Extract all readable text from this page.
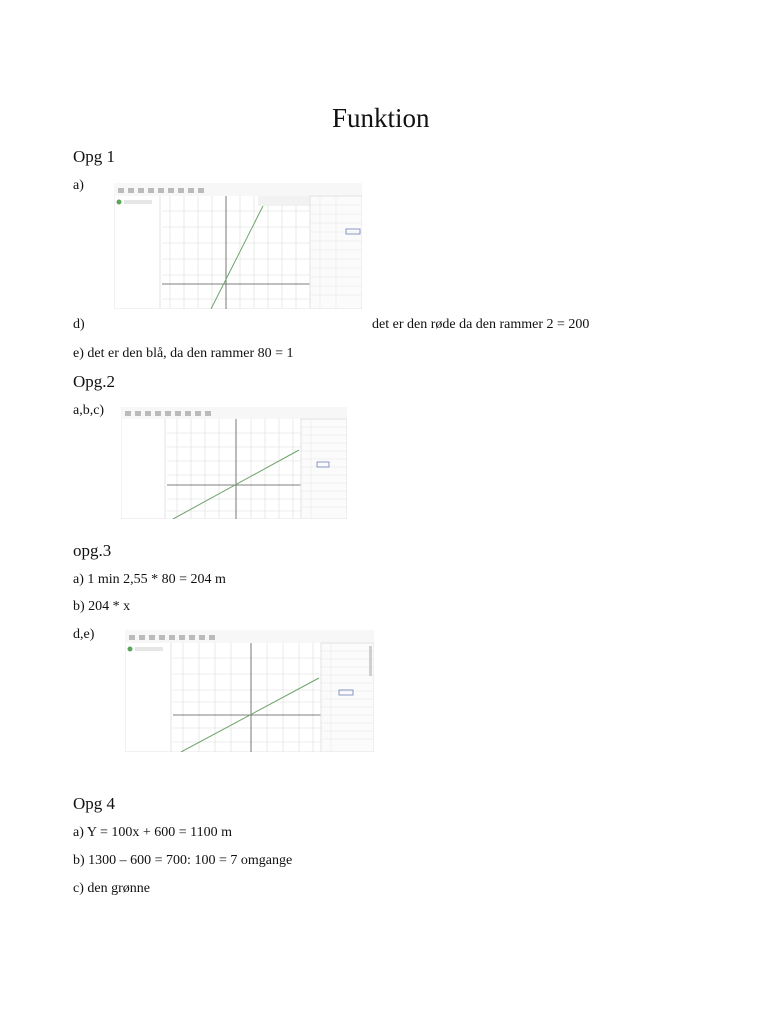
Funktion
Opg 1
a)
d)	det er den røde da den rammer 2 = 200
e) det er den blå, da den rammer 80 = 1
Opg.2
a,b,c)
opg.3
a) 1 min 2,55 * 80 = 204 m
b) 204 * x
d,e)
Opg 4
a) Y = 100x + 600 = 1100 m
b) 1300 – 600 = 700: 100 = 7 omgange
c) den grønne
